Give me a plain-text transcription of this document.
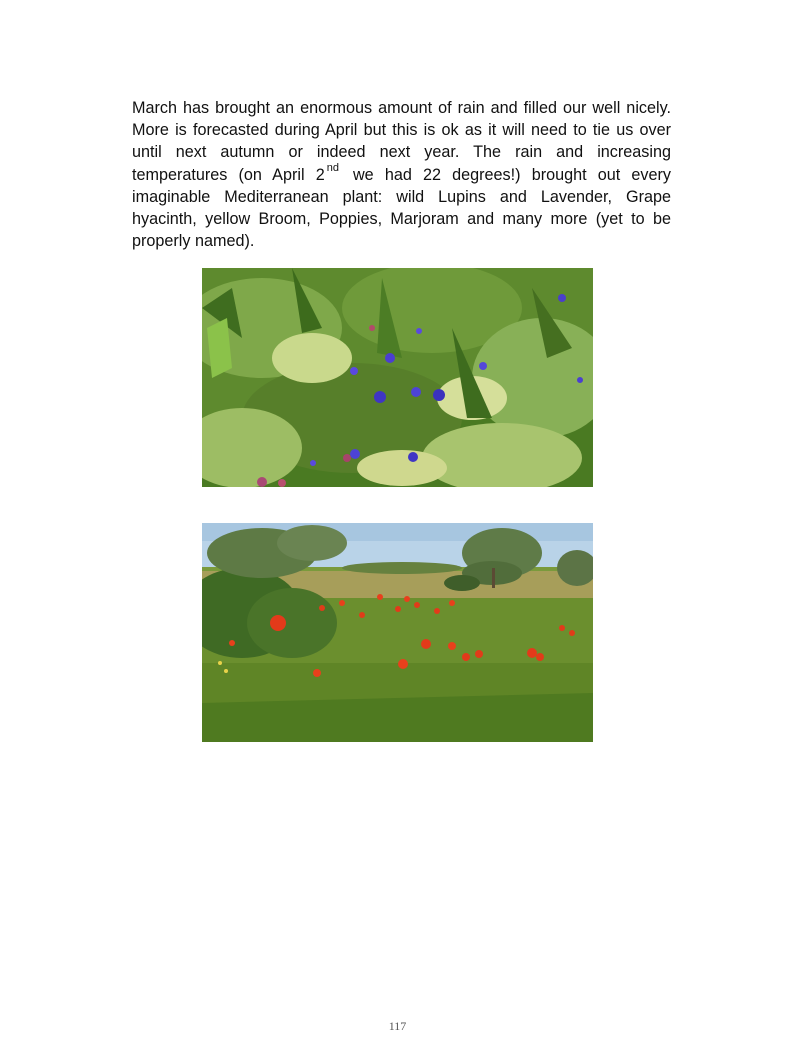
March has brought an enormous amount of rain and filled our well nicely. More is forecasted during April but this is ok as it will need to tie us over until next autumn or indeed next year. The rain and increasing temperatures (on April 2 $^{nd}$ we had 22 degrees!) brought out every imaginable Mediterranean plant: wild Lupins and Lavender, Grape hyacinth, yellow Broom, Poppies, Marjoram and many more (yet to be properly named).

117
